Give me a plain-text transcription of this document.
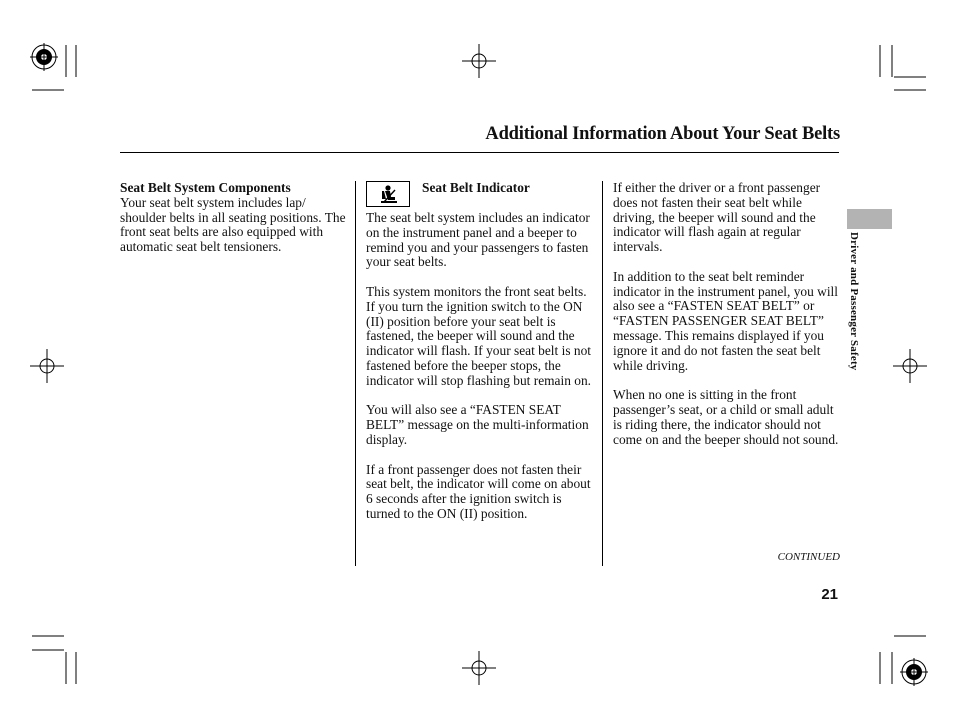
Additional Information About Your Seat Belts
Seat Belt System Components

Your seat belt system includes lap/ shoulder belts in all seating positions. The front seat belts are also equipped with automatic seat belt tensioners.

Seat Belt Indicator

The seat belt system includes an indicator on the instrument panel and a beeper to remind you and your passengers to fasten your seat belts.

This system monitors the front seat belts. If you turn the ignition switch to the ON (II) position before your seat belt is fastened, the beeper will sound and the indicator will flash. If your seat belt is not fastened before the beeper stops, the indicator will stop flashing but remain on.

You will also see a “FASTEN SEAT BELT” message on the multi-information display.

If a front passenger does not fasten their seat belt, the indicator will come on about 6 seconds after the ignition switch is turned to the ON (II) position.

If either the driver or a front passenger does not fasten their seat belt while driving, the beeper will sound and the indicator will flash again at regular intervals.

In addition to the seat belt reminder indicator in the instrument panel, you will also see a “FASTEN SEAT BELT” or “FASTEN PASSENGER SEAT BELT” message. This remains displayed if you ignore it and do not fasten the seat belt while driving.

When no one is sitting in the front passenger’s seat, or a child or small adult is riding there, the indicator should not come on and the beeper should not sound.

Driver and Passenger Safety
CONTINUED
21
